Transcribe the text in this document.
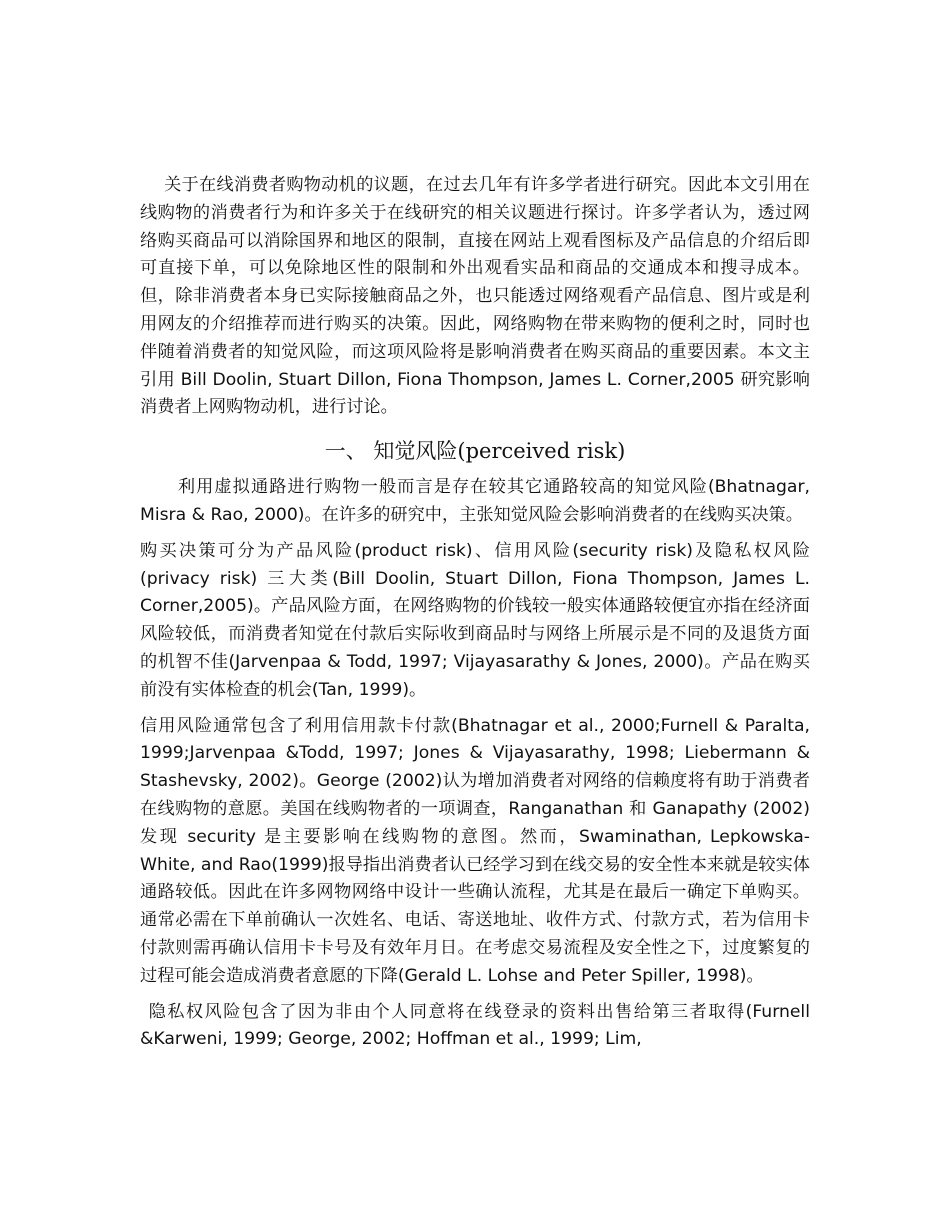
关于在线消费者购物动机的议题，在过去几年有许多学者进行研究。因此本文引用在线购物的消费者行为和许多关于在线研究的相关议题进行探讨。许多学者认为，透过网络购买商品可以消除国界和地区的限制，直接在网站上观看图标及产品信息的介绍后即可直接下单，可以免除地区性的限制和外出观看实品和商品的交通成本和搜寻成本。但，除非消费者本身已实际接触商品之外，也只能透过网络观看产品信息、图片或是利用网友的介绍推荐而进行购买的决策。因此，网络购物在带来购物的便利之时，同时也伴随着消费者的知觉风险，而这项风险将是影响消费者在购买商品的重要因素。本文主引用 Bill Doolin, Stuart Dillon, Fiona Thompson, James L. Corner,2005 研究影响消费者上网购物动机，进行讨论。

一、 知觉风险(perceived risk)

利用虚拟通路进行购物一般而言是存在较其它通路较高的知觉风险(Bhatnagar, Misra & Rao, 2000)。在许多的研究中，主张知觉风险会影响消费者的在线购买决策。

购买决策可分为产品风险(product risk)、信用风险(security risk)及隐私权风险(privacy risk) 三大类(Bill Doolin, Stuart Dillon, Fiona Thompson, James L. Corner,2005)。产品风险方面，在网络购物的价钱较一般实体通路较便宜亦指在经济面风险较低，而消费者知觉在付款后实际收到商品时与网络上所展示是不同的及退货方面的机智不佳(Jarvenpaa & Todd, 1997; Vijayasarathy & Jones, 2000)。产品在购买前没有实体检查的机会(Tan, 1999)。

信用风险通常包含了利用信用款卡付款(Bhatnagar et al., 2000;Furnell & Paralta, 1999;Jarvenpaa &Todd, 1997; Jones & Vijayasarathy, 1998; Liebermann & Stashevsky, 2002)。George (2002)认为增加消费者对网络的信赖度将有助于消费者在线购物的意愿。美国在线购物者的一项调查，Ranganathan 和 Ganapathy (2002)发现 security 是主要影响在线购物的意图。然而，Swaminathan, Lepkowska-White, and Rao(1999)报导指出消费者认已经学习到在线交易的安全性本来就是较实体通路较低。因此在许多网物网络中设计一些确认流程，尤其是在最后一确定下单购买。通常必需在下单前确认一次姓名、电话、寄送地址、收件方式、付款方式，若为信用卡付款则需再确认信用卡卡号及有效年月日。在考虑交易流程及安全性之下，过度繁复的过程可能会造成消费者意愿的下降(Gerald L. Lohse and Peter Spiller, 1998)。

隐私权风险包含了因为非由个人同意将在线登录的资料出售给第三者取得(Furnell &Karweni, 1999; George, 2002; Hoffman et al., 1999; Lim,
